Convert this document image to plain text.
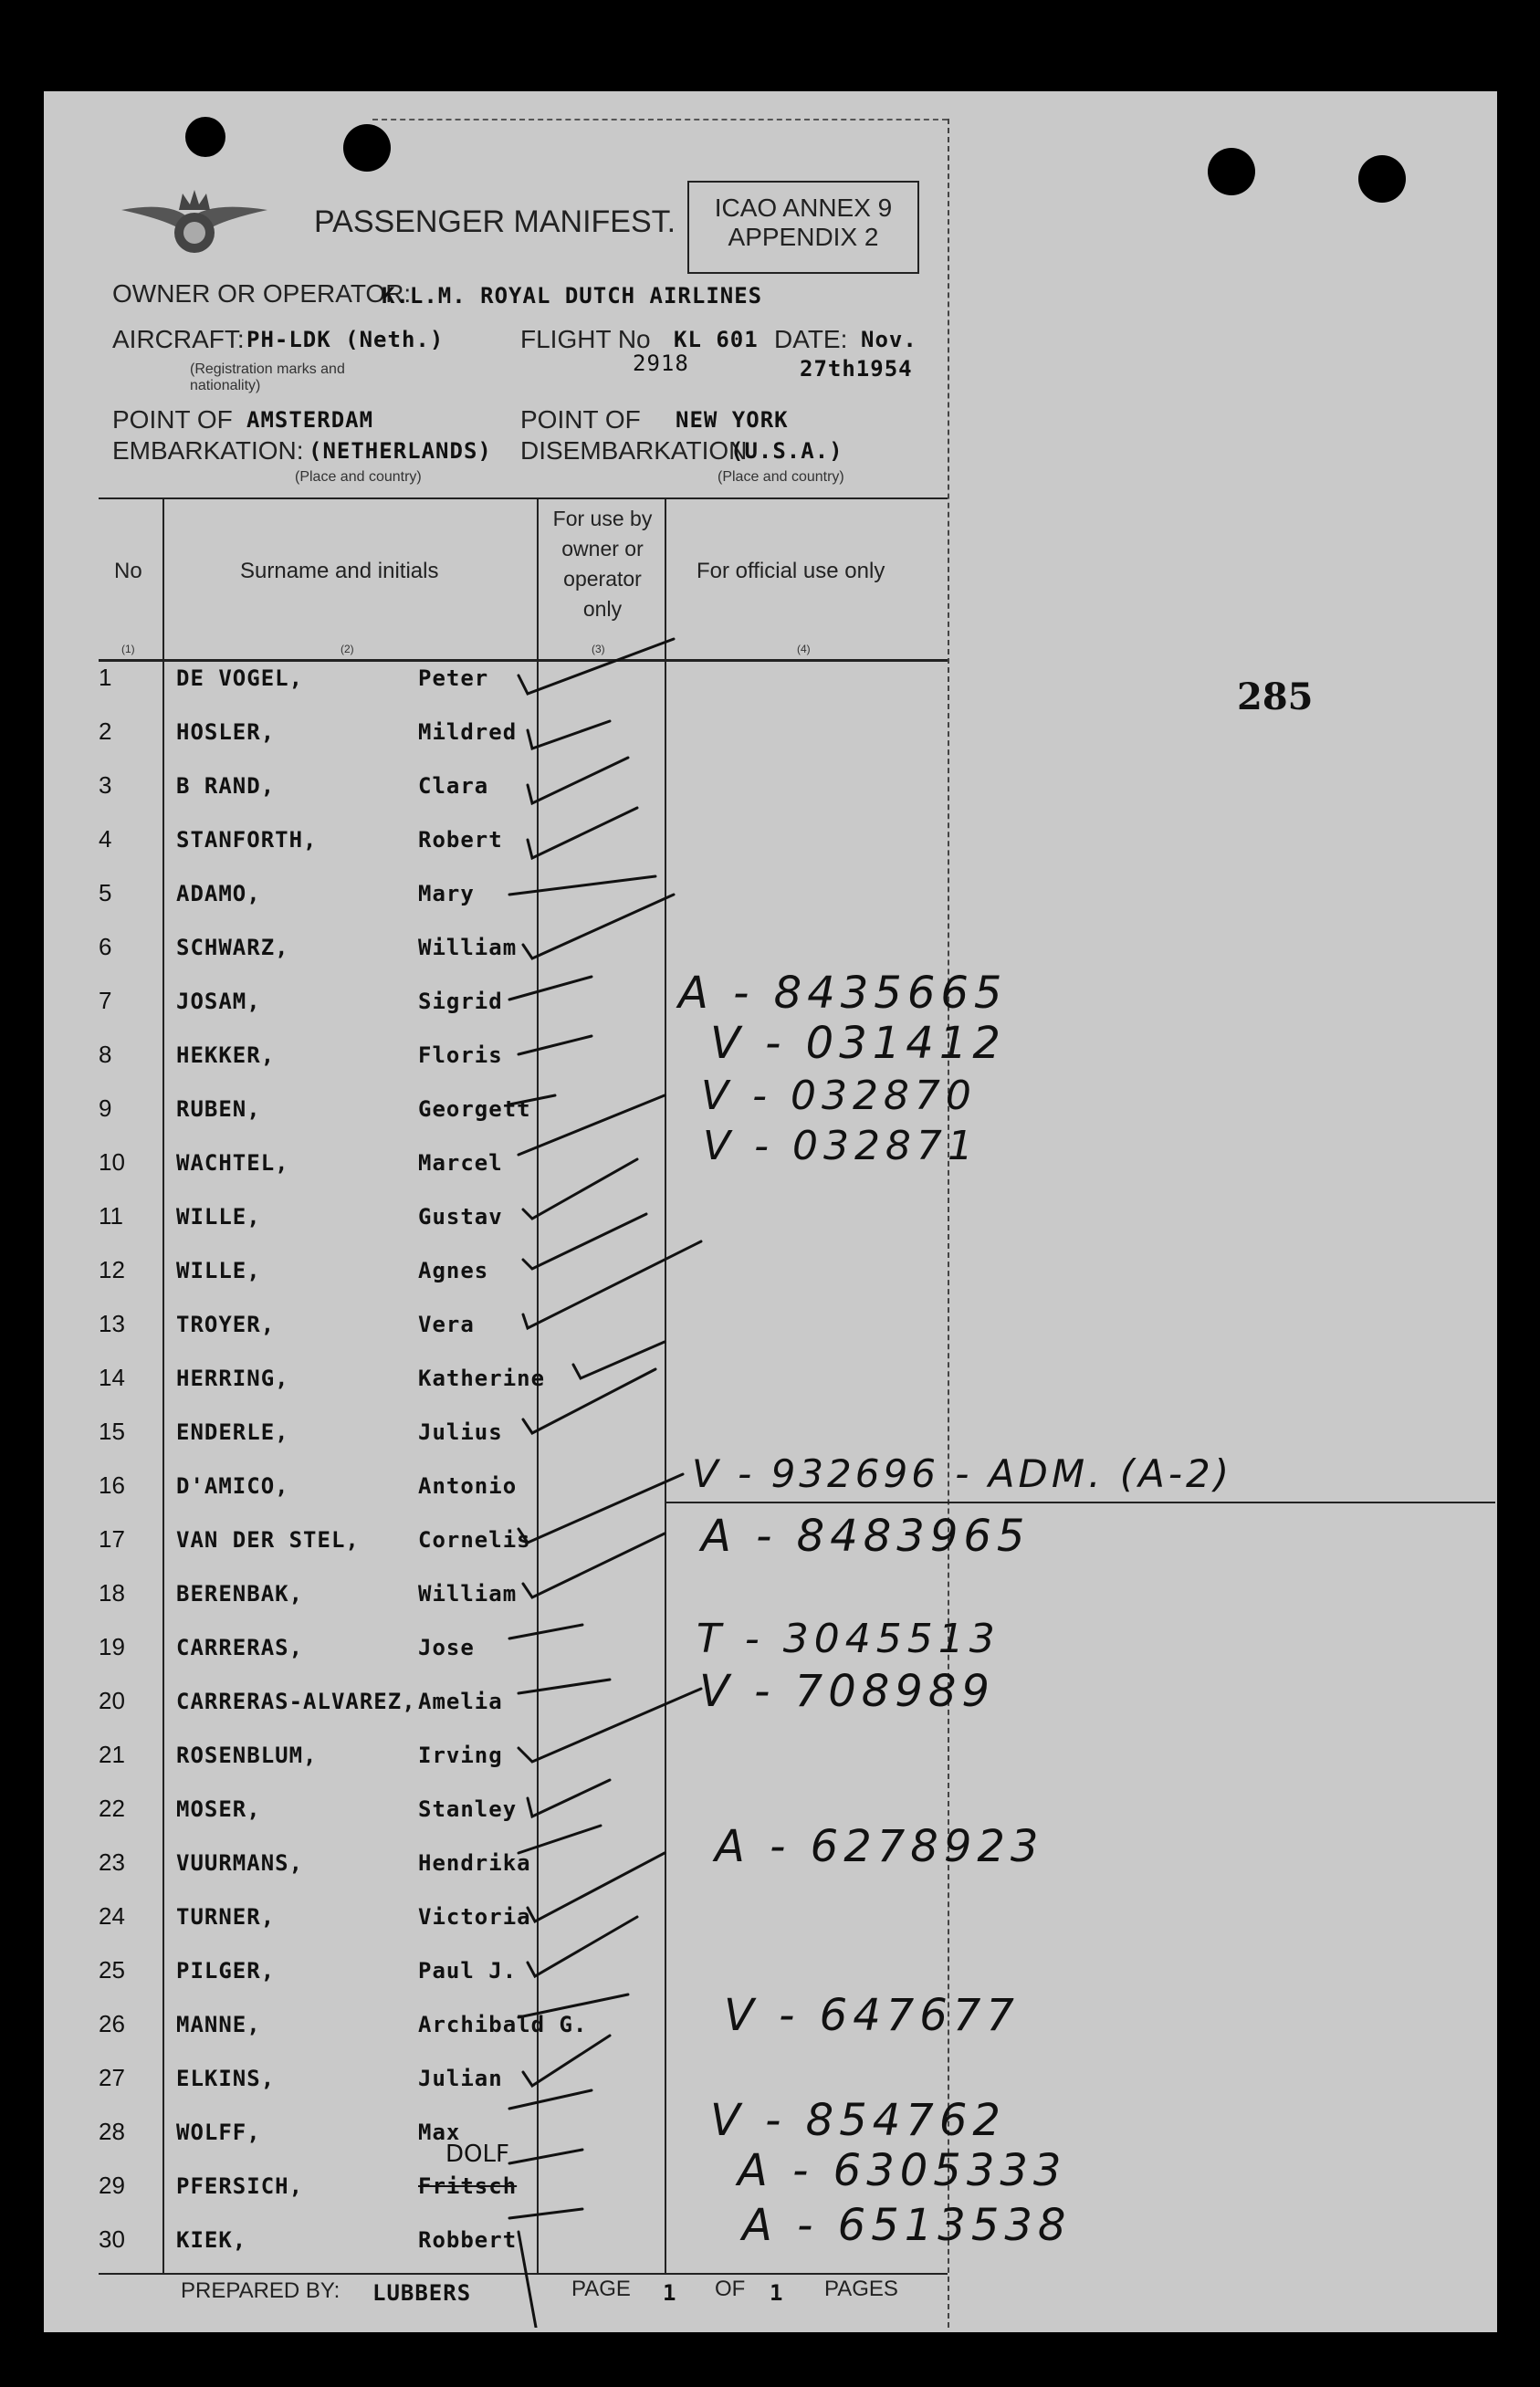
PASSENGER MANIFEST.	ICAO ANNEX 9
APPENDIX 2
OWNER OR OPERATOR:
K.L.M. ROYAL DUTCH AIRLINES
AIRCRAFT: PH-LDK (Neth.)
(Registration marks and nationality)
FLIGHT No KL 601
2918
DATE: Nov.
27th1954
POINT OF AMSTERDAM
EMBARKATION: (NETHERLANDS)
(Place and country)
POINT OF NEW YORK
DISEMBARKATION
(U.S.A.)
(Place and country)
285
No	Surname and initials
For use by owner or operator only
For official use only
(1)	(2)	(3)	(4)
1	DE VOGEL,	Peter
2	HOSLER,	Mildred
3	B RAND,	Clara
4	STANFORTH,	Robert
5	ADAMO,	Mary
6	SCHWARZ,	William
7	JOSAM,	Sigrid
8	HEKKER,	Floris
9	RUBEN,	Georgett
10	WACHTEL,	Marcel
11	WILLE,	Gustav
12	WILLE,	Agnes
13	TROYER,	Vera
14	HERRING,	Katherine
15	ENDERLE,	Julius
16	D'AMICO,	Antonio
17	VAN DER STEL,	Cornelis
18	BERENBAK,	William
19	CARRERAS,	Jose
20	CARRERAS-ALVAREZ, Amelia
21	ROSENBLUM,	Irving
22	MOSER,	Stanley
23	VUURMANS,	Hendrika
24	TURNER,	Victoria
25	PILGER,	Paul J.
26	MANNE,	Archibald G.
27	ELKINS,	Julian
28	WOLFF,	Max
29	PFERSICH,	Fritsch
30	KIEK,	Robbert
A - 8435665
V - 031412
V - 032870
V - 032871
V - 932696 - ADM. (A-2)
A - 8483965
T - 3045513
V - 708989
A - 6278923
V - 647677
V - 854762
A - 6305333
A - 6513538
DOLF
PREPARED BY: LUBBERS	PAGE 1 OF 1 PAGES
